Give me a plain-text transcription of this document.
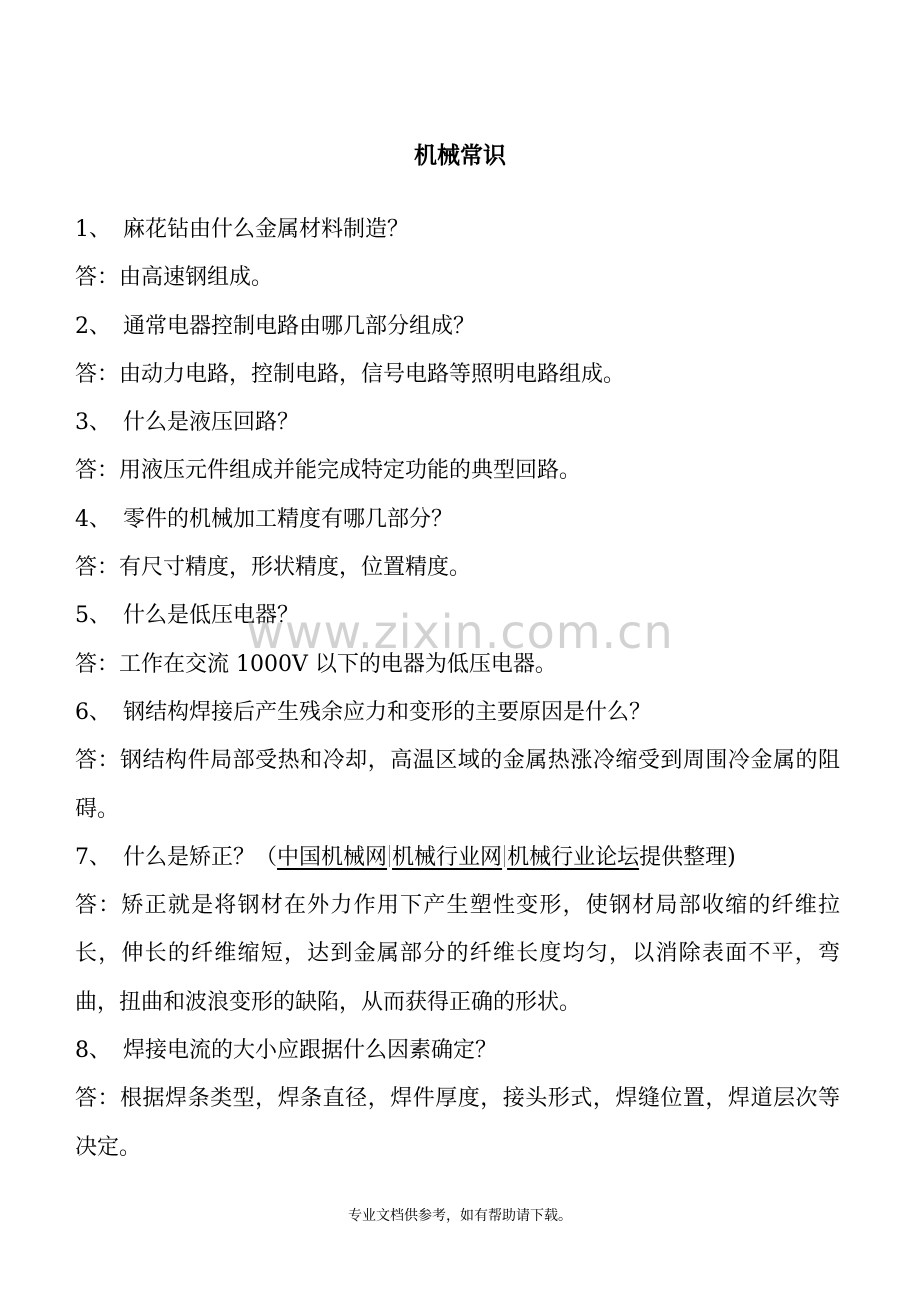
机械常识
1、 麻花钻由什么金属材料制造？
答：由高速钢组成。
2、 通常电器控制电路由哪几部分组成？
答：由动力电路，控制电路，信号电路等照明电路组成。
3、 什么是液压回路？
答：用液压元件组成并能完成特定功能的典型回路。
4、 零件的机械加工精度有哪几部分？
答：有尺寸精度，形状精度，位置精度。
5、 什么是低压电器？
答：工作在交流 1000V 以下的电器为低压电器。
6、 钢结构焊接后产生残余应力和变形的主要原因是什么？
答：钢结构件局部受热和冷却，高温区域的金属热涨冷缩受到周围冷金属的阻碍。
7、 什么是矫正？（中国机械网 机械行业网 机械行业论坛提供整理)
答：矫正就是将钢材在外力作用下产生塑性变形，使钢材局部收缩的纤维拉长，伸长的纤维缩短，达到金属部分的纤维长度均匀，以消除表面不平，弯曲，扭曲和波浪变形的缺陷，从而获得正确的形状。
8、 焊接电流的大小应跟据什么因素确定？
答：根据焊条类型，焊条直径，焊件厚度，接头形式，焊缝位置，焊道层次等决定。
www.zixin.com.cn
专业文档供参考，如有帮助请下载。
